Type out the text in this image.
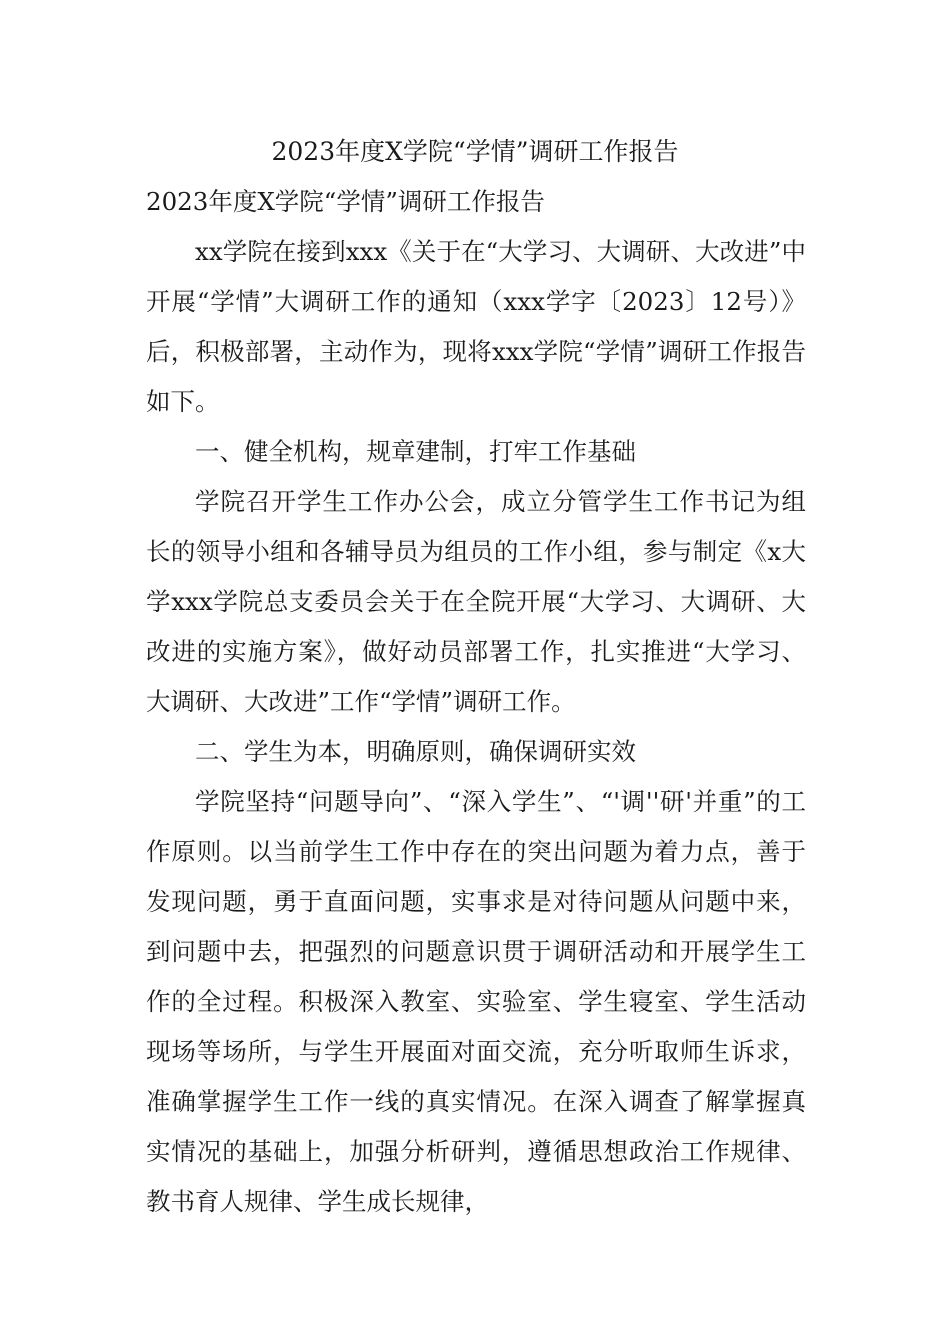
2023年度X学院“学情”调研工作报告

2023年度X学院“学情”调研工作报告

xx学院在接到xxx《关于在“大学习、大调研、大改进”中开展“学情”大调研工作的通知（xxx学字〔2023〕12号）》后，积极部署，主动作为，现将xxx学院“学情”调研工作报告如下。

一、健全机构，规章建制，打牢工作基础

学院召开学生工作办公会，成立分管学生工作书记为组长的领导小组和各辅导员为组员的工作小组，参与制定《x大学xxx学院总支委员会关于在全院开展“大学习、大调研、大改进的实施方案》，做好动员部署工作，扎实推进“大学习、大调研、大改进”工作“学情”调研工作。

二、学生为本，明确原则，确保调研实效

学院坚持“问题导向”、“深入学生”、“'调''研'并重”的工作原则。以当前学生工作中存在的突出问题为着力点，善于发现问题，勇于直面问题，实事求是对待问题从问题中来，到问题中去，把强烈的问题意识贯于调研活动和开展学生工作的全过程。积极深入教室、实验室、学生寝室、学生活动现场等场所，与学生开展面对面交流，充分听取师生诉求，准确掌握学生工作一线的真实情况。在深入调查了解掌握真实情况的基础上，加强分析研判，遵循思想政治工作规律、教书育人规律、学生成长规律，
